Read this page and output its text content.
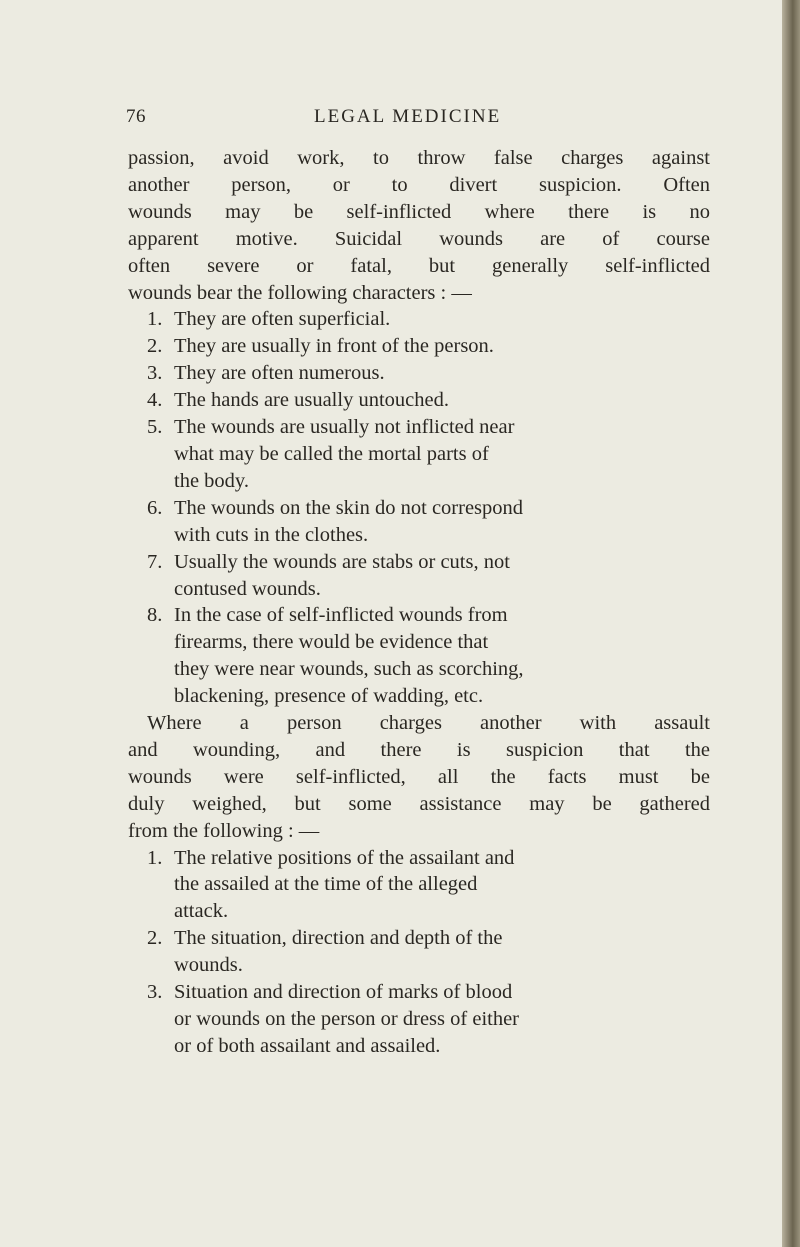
76	LEGAL MEDICINE
passion, avoid work, to throw false charges against
another person, or to divert suspicion. Often
wounds may be self-inflicted where there is no
apparent motive. Suicidal wounds are of course
often severe or fatal, but generally self-inflicted
wounds bear the following characters : —
1. They are often superficial.
2. They are usually in front of the person.
3. They are often numerous.
4. The hands are usually untouched.
5. The wounds are usually not inflicted near
what may be called the mortal parts of
the body.
6. The wounds on the skin do not correspond
with cuts in the clothes.
7. Usually the wounds are stabs or cuts, not
contused wounds.
8. In the case of self-inflicted wounds from
firearms, there would be evidence that
they were near wounds, such as scorching,
blackening, presence of wadding, etc.
Where a person charges another with assault
and wounding, and there is suspicion that the
wounds were self-inflicted, all the facts must be
duly weighed, but some assistance may be gathered
from the following : —
1. The relative positions of the assailant and
the assailed at the time of the alleged
attack.
2. The situation, direction and depth of the
wounds.
3. Situation and direction of marks of blood
or wounds on the person or dress of either
or of both assailant and assailed.
